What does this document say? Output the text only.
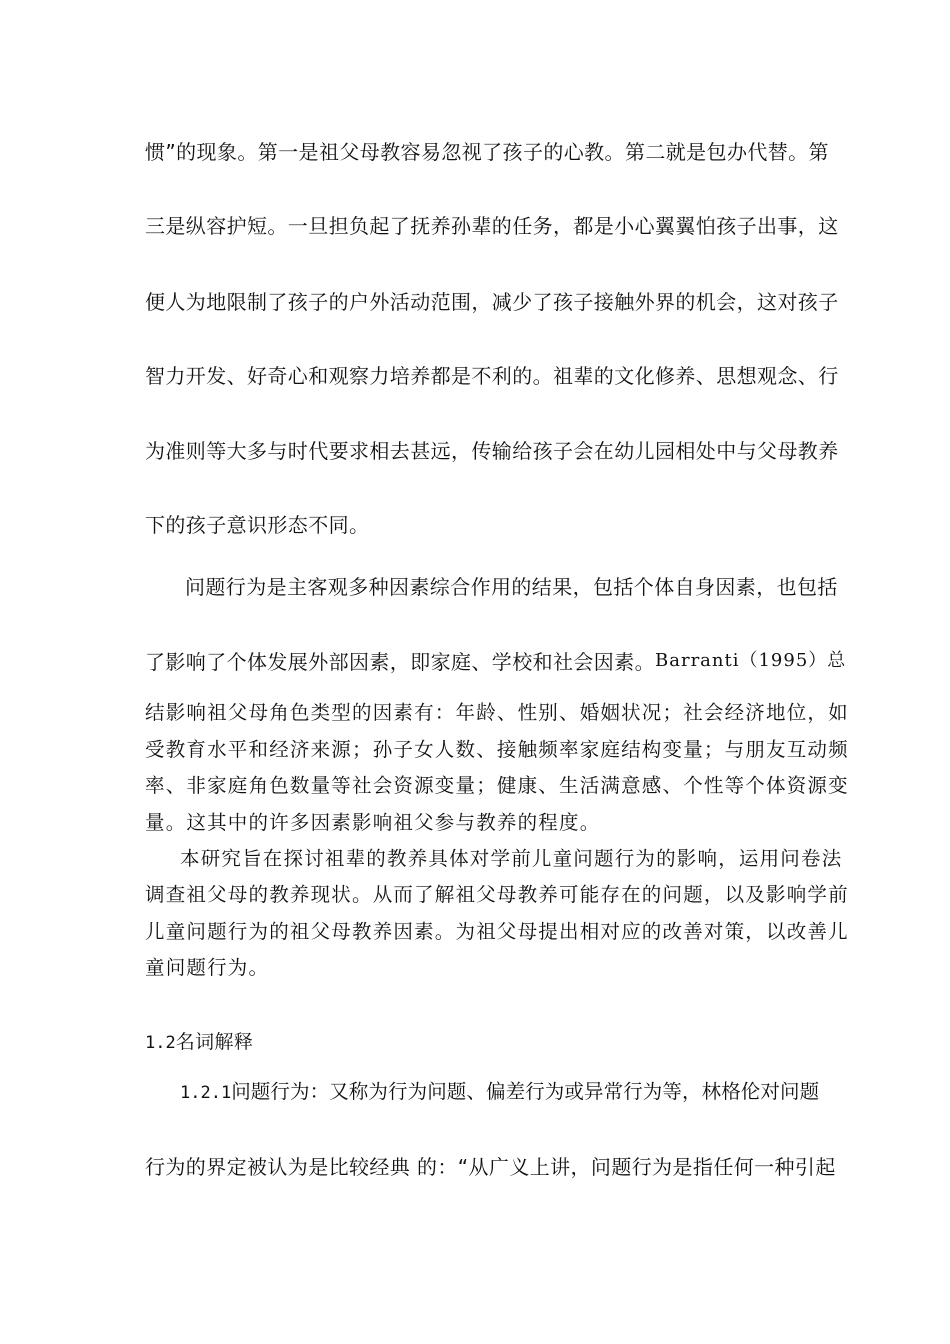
惯”的现象。第一是祖父母教容易忽视了孩子的心教。第二就是包办代替。第
三是纵容护短。一旦担负起了抚养孙辈的任务，都是小心翼翼怕孩子出事，这
便人为地限制了孩子的户外活动范围，减少了孩子接触外界的机会，这对孩子
智力开发、好奇心和观察力培养都是不利的。祖辈的文化修养、思想观念、行
为准则等大多与时代要求相去甚远，传输给孩子会在幼儿园相处中与父母教养
下的孩子意识形态不同。
问题行为是主客观多种因素综合作用的结果，包括个体自身因素，也包括
了影响了个体发展外部因素，即家庭、学校和社会因素。 Barranti（1995）总
结影响祖父母角色类型的因素有：年龄、性别、婚姻状况；社会经济地位，如
受教育水平和经济来源；孙子女人数、接触频率家庭结构变量；与朋友互动频
率、非家庭角色数量等社会资源变量；健康、生活满意感、个性等个体资源变
量。这其中的许多因素影响祖父参与教养的程度。
本研究旨在探讨祖辈的教养具体对学前儿童问题行为的影响，运用问卷法
调查祖父母的教养现状。从而了解祖父母教养可能存在的问题，以及影响学前
儿童问题行为的祖父母教养因素。为祖父母提出相对应的改善对策，以改善儿
童问题行为。
1.2名词解释
1.2.1问题行为：又称为行为问题、偏差行为或异常行为等，林格伦对问题
行为的界定被认为是比较经典 的：“从广义上讲，问题行为是指任何一种引起
